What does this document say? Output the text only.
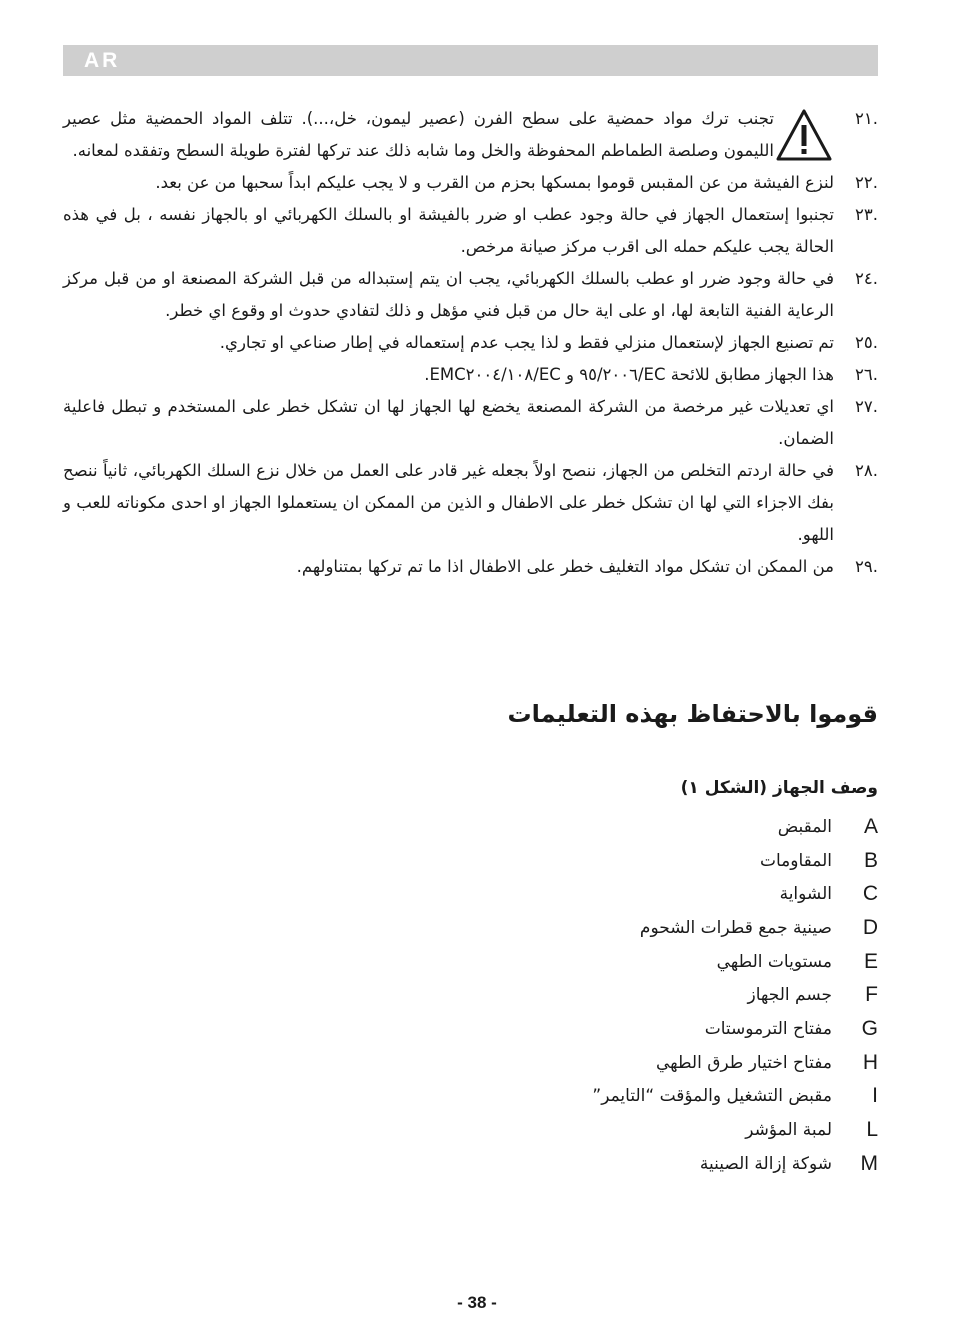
AR
.٢١
تجنب ترك مواد حمضية على سطح الفرن (عصير ليمون، خل،...). تتلف المواد الحمضية مثل عصير الليمون وصلصة الطماطم المحفوظة والخل وما شابه ذلك عند تركها لفترة طويلة السطح وتفقده لمعانه.
.٢٢
لنزع الفيشة من عن المقبس قوموا بمسكها بحزم من القرب و لا يجب عليكم ابداً سحبها من عن بعد.
.٢٣
تجنبوا إستعمال الجهاز في حالة وجود عطب او ضرر بالفيشة او بالسلك الكهربائي او بالجهاز نفسه ، بل في هذه الحالة يجب عليكم حمله الى اقرب مركز صيانة مرخص.
.٢٤
في حالة وجود ضرر او عطب بالسلك الكهربائي، يجب ان يتم إستبداله من قبل الشركة المصنعة او من قبل مركز الرعاية الفنية التابعة لها، او على اية حال من قبل فني مؤهل و ذلك لتفادي حدوث او وقوع اي خطر.
.٢٥
تم تصنيع الجهاز لإستعمال منزلي فقط و لذا يجب عدم إستعماله في إطار صناعي او تجاري.
.٢٦
هذا الجهاز مطابق للائحة EC/٩٥/٢٠٠٦ و EC/١٠٨/EMC٢٠٠٤.
.٢٧
اي تعديلات غير مرخصة من الشركة المصنعة يخضع لها الجهاز لها ان تشكل خطر على المستخدم و تبطل فاعلية الضمان.
.٢٨
في حالة اردتم التخلص من الجهاز، ننصح اولاً بجعله غير قادر على العمل من خلال نزع السلك الكهربائي، ثانياً ننصح بفك الاجزاء التي لها ان تشكل خطر على الاطفال و الذين من الممكن ان يستعملوا الجهاز او احدى مكوناته للعب و اللهو.
.٢٩
من الممكن ان تشكل مواد التغليف خطر على الاطفال اذا ما تم تركها بمتناولهم.
قوموا بالاحتفاظ بهذه التعليمات
وصف الجهاز (الشكل ١)
A
المقبض
B
المقاومات
C
الشواية
D
صينية جمع قطرات الشحوم
E
مستويات الطهي
F
جسم الجهاز
G
مفتاح الترموستات
H
مفتاح اختيار طرق الطهي
I
مقبض التشغيل والمؤقت “التايمر”
L
لمبة المؤشر
M
شوكة إزالة الصينية
- 38 -
